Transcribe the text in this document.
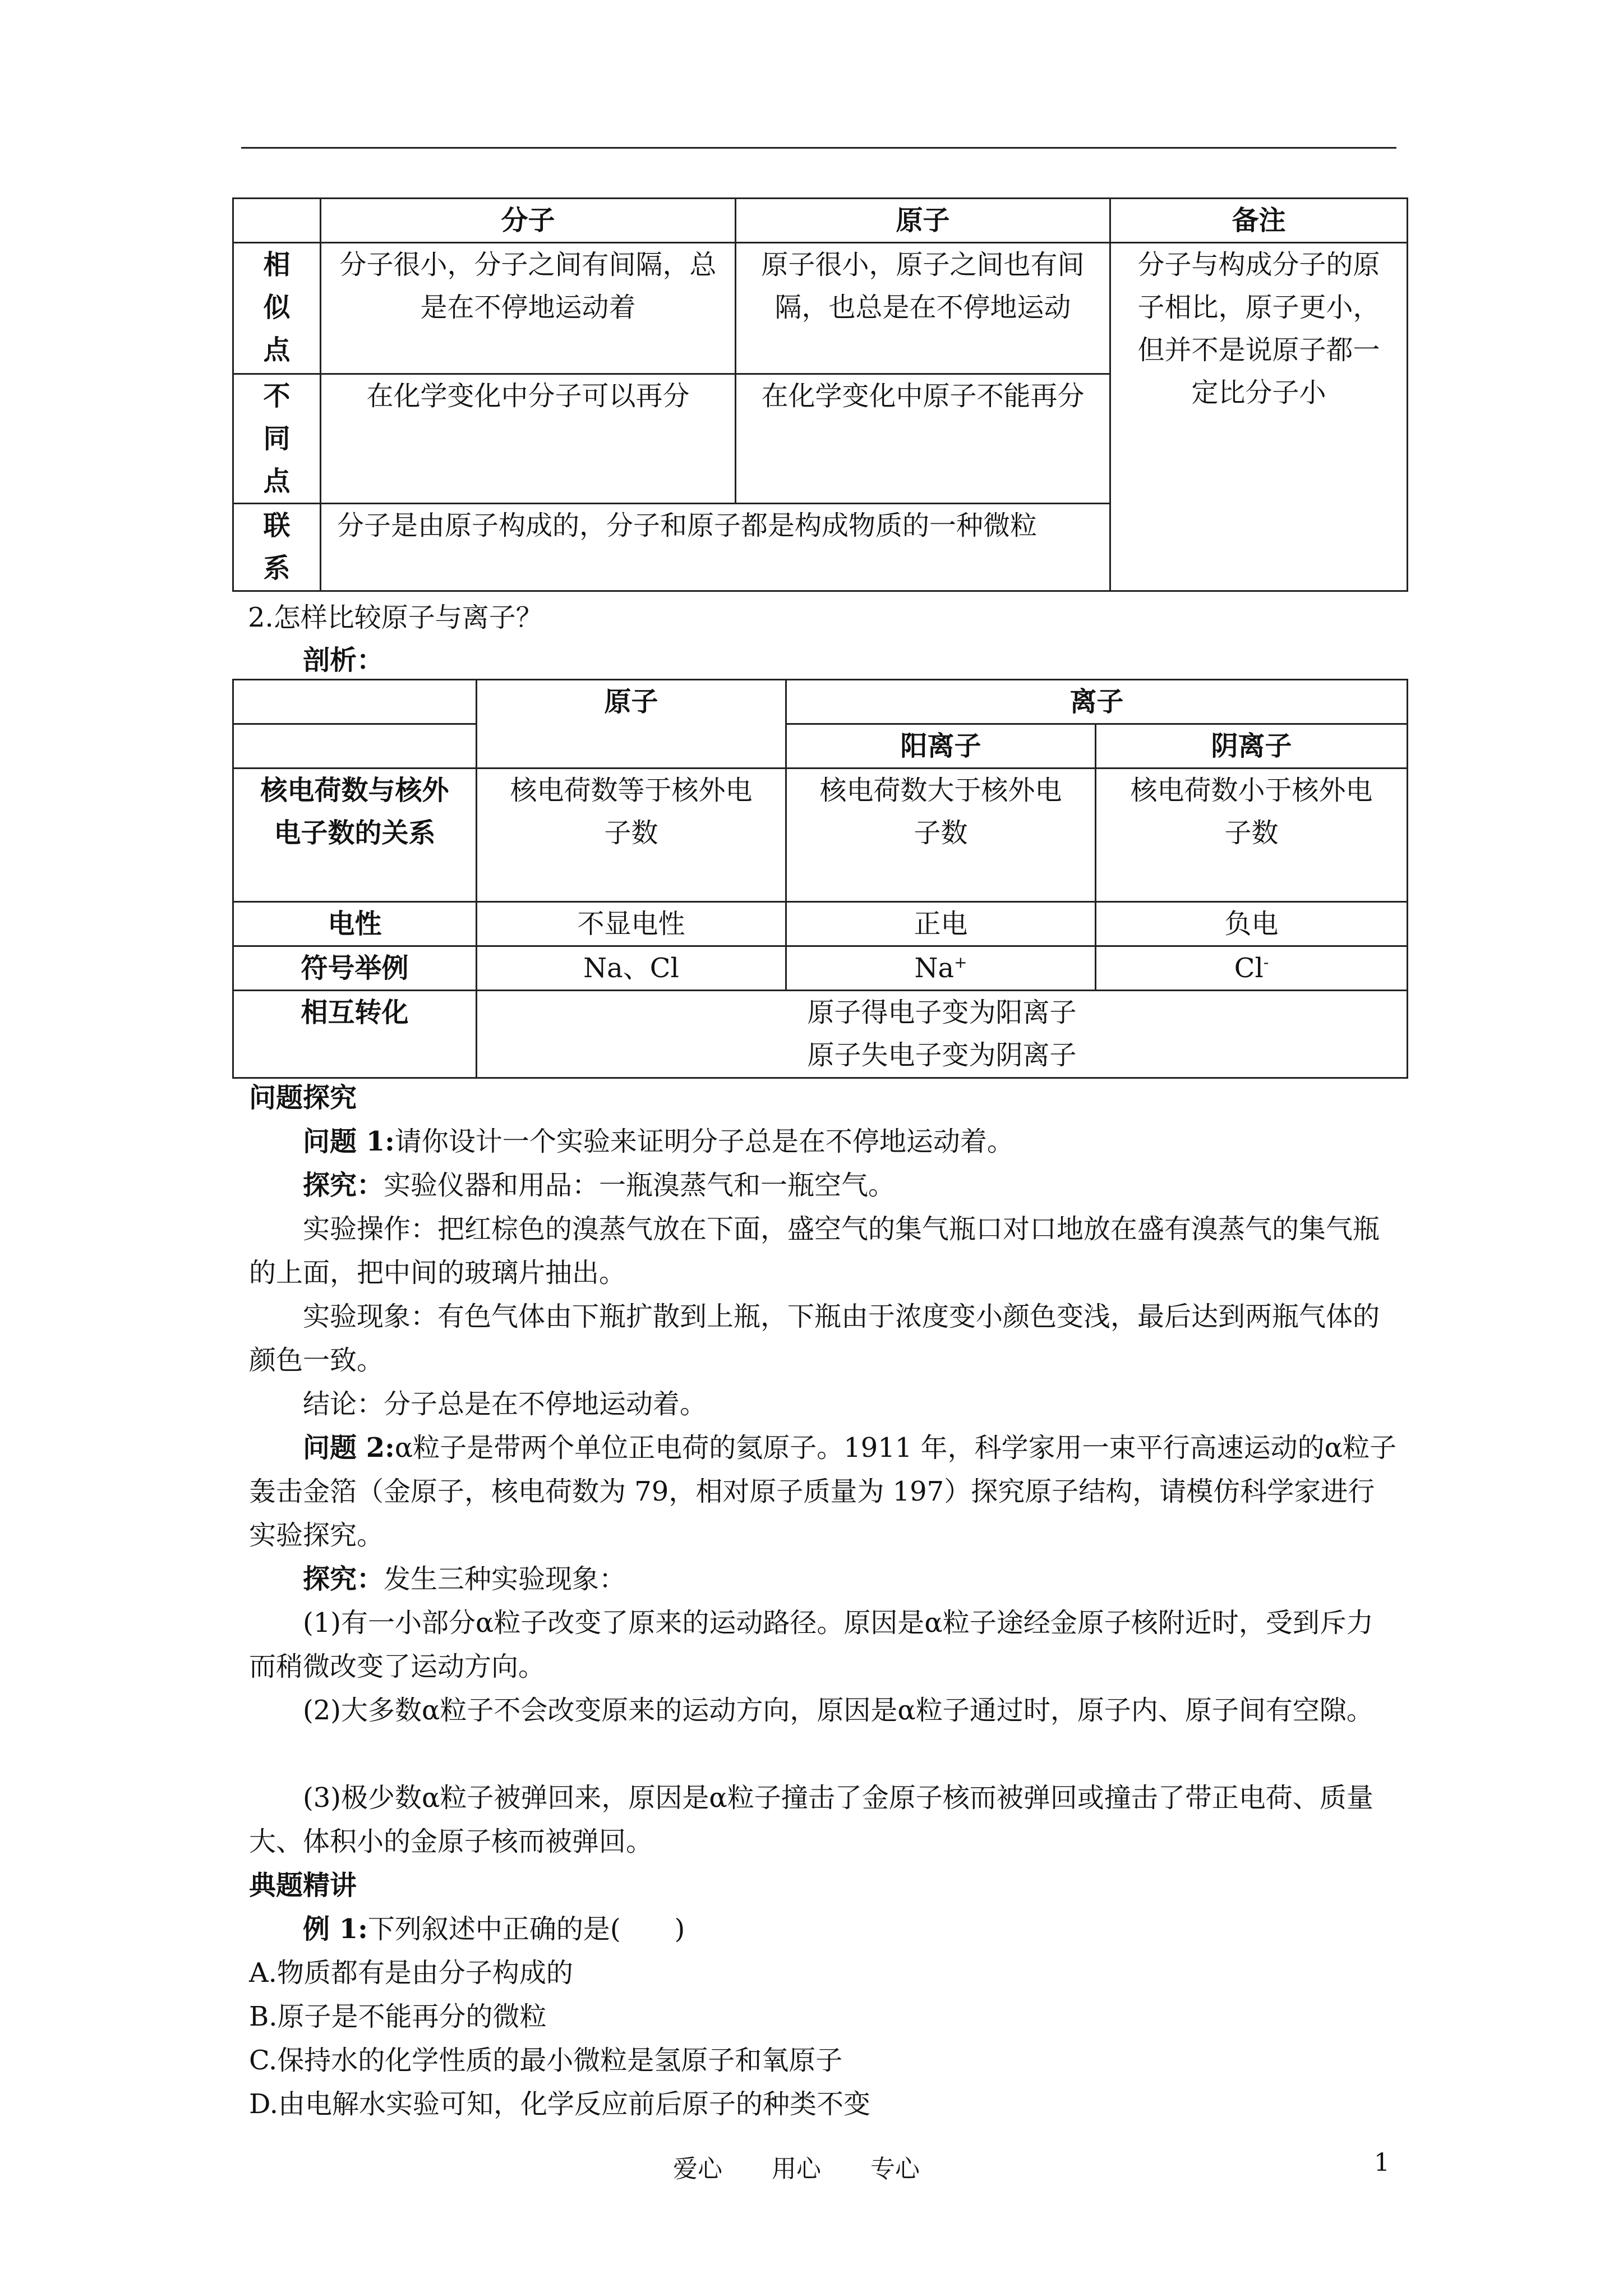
	分子	原子	备注
相似点	分子很小，分子之间有间隔，总是在不停地运动着	原子很小，原子之间也有间隔，也总是在不停地运动	分子与构成分子的原子相比，原子更小，但并不是说原子都一定比分子小
不同点	在化学变化中分子可以再分	在化学变化中原子不能再分	
联系	分子是由原子构成的，分子和原子都是构成物质的一种微粒		
2.怎样比较原子与离子？
剖析：
	原子	离子	
		阳离子	阴离子
核电荷数与核外电子数的关系	核电荷数等于核外电子数	核电荷数大于核外电子数	核电荷数小于核外电子数
电性	不显电性	正电	负电
符号举例	Na、Cl	Na+	Cl-
相互转化	原子得电子变为阳离子
原子失电子变为阴离子		
问题探究
问题 1:请你设计一个实验来证明分子总是在不停地运动着。
探究：实验仪器和用品：一瓶溴蒸气和一瓶空气。
实验操作：把红棕色的溴蒸气放在下面，盛空气的集气瓶口对口地放在盛有溴蒸气的集气瓶的上面，把中间的玻璃片抽出。
实验现象：有色气体由下瓶扩散到上瓶，下瓶由于浓度变小颜色变浅，最后达到两瓶气体的颜色一致。
结论：分子总是在不停地运动着。
问题 2:α粒子是带两个单位正电荷的氦原子。1911 年，科学家用一束平行高速运动的α粒子轰击金箔（金原子，核电荷数为 79，相对原子质量为 197）探究原子结构，请模仿科学家进行实验探究。
探究：发生三种实验现象：
(1)有一小部分α粒子改变了原来的运动路径。原因是α粒子途经金原子核附近时，受到斥力而稍微改变了运动方向。
(2)大多数α粒子不会改变原来的运动方向，原因是α粒子通过时，原子内、原子间有空隙。
(3)极少数α粒子被弹回来，原因是α粒子撞击了金原子核而被弹回或撞击了带正电荷、质量大、体积小的金原子核而被弹回。
典题精讲
例 1:下列叙述中正确的是(　　)
A.物质都有是由分子构成的
B.原子是不能再分的微粒
C.保持水的化学性质的最小微粒是氢原子和氧原子
D.由电解水实验可知，化学反应前后原子的种类不变
爱心　　用心　　专心	1
